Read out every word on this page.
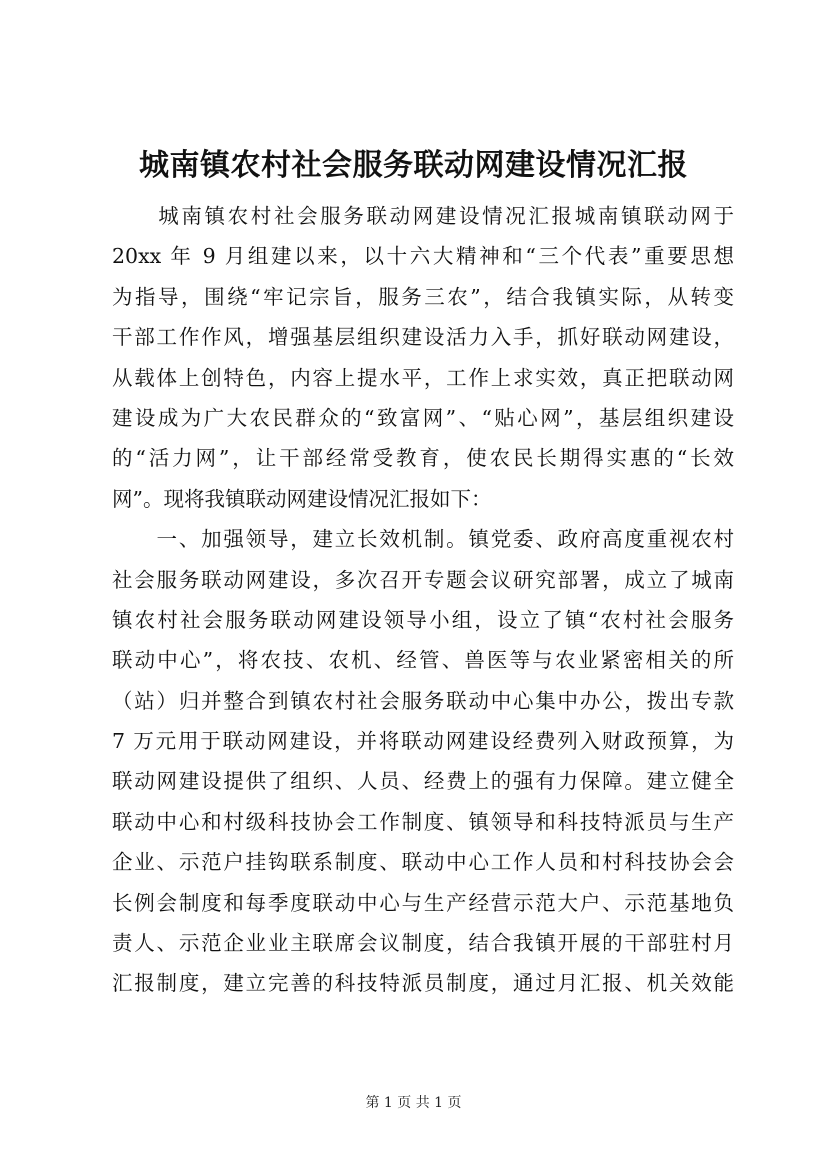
城南镇农村社会服务联动网建设情况汇报
　　城南镇农村社会服务联动网建设情况汇报城南镇联动网于
20xx 年 9 月组建以来，以十六大精神和“三个代表”重要思想
为指导，围绕“牢记宗旨，服务三农”，结合我镇实际，从转变
干部工作作风，增强基层组织建设活力入手，抓好联动网建设，
从载体上创特色，内容上提水平，工作上求实效，真正把联动网
建设成为广大农民群众的“致富网”、“贴心网”，基层组织建设
的“活力网”，让干部经常受教育，使农民长期得实惠的“长效
网”。现将我镇联动网建设情况汇报如下：
　　一、加强领导，建立长效机制。镇党委、政府高度重视农村
社会服务联动网建设，多次召开专题会议研究部署，成立了城南
镇农村社会服务联动网建设领导小组，设立了镇“农村社会服务
联动中心”，将农技、农机、经管、兽医等与农业紧密相关的所
（站）归并整合到镇农村社会服务联动中心集中办公，拨出专款
7 万元用于联动网建设，并将联动网建设经费列入财政预算，为
联动网建设提供了组织、人员、经费上的强有力保障。建立健全
联动中心和村级科技协会工作制度、镇领导和科技特派员与生产
企业、示范户挂钩联系制度、联动中心工作人员和村科技协会会
长例会制度和每季度联动中心与生产经营示范大户、示范基地负
责人、示范企业业主联席会议制度，结合我镇开展的干部驻村月
汇报制度，建立完善的科技特派员制度，通过月汇报、机关效能
第 1 页 共 1 页
